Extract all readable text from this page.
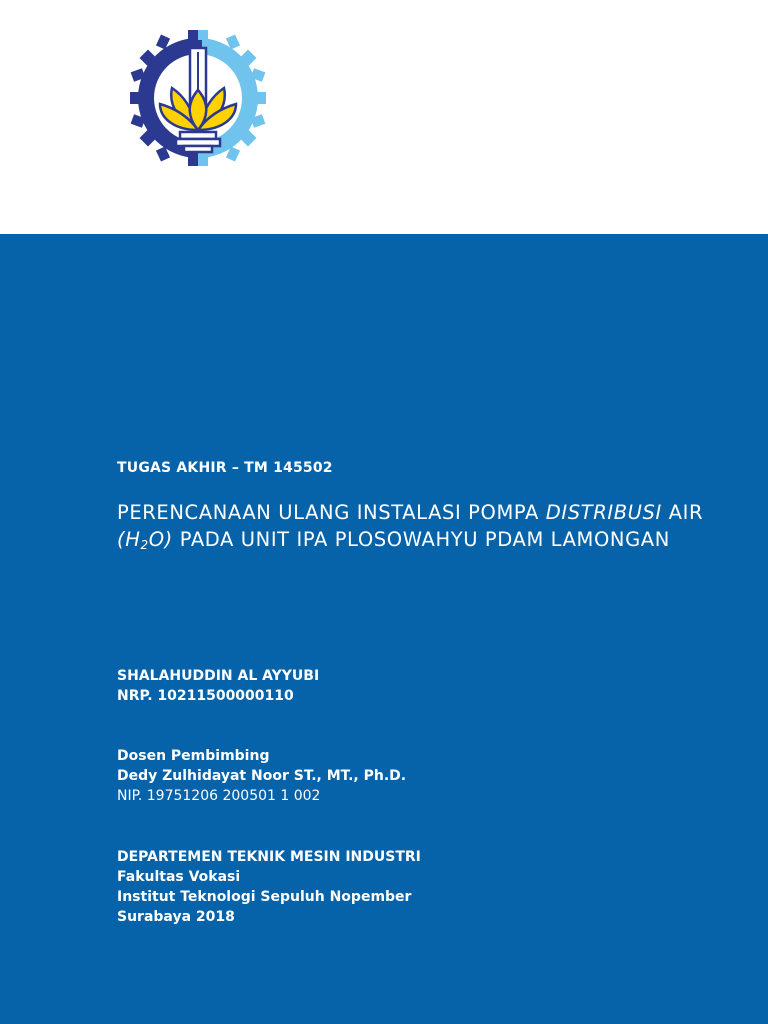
TUGAS AKHIR – TM 145502

PERENCANAAN ULANG INSTALASI POMPA DISTRIBUSI AIR $(H_2O)$ PADA UNIT IPA PLOSOWAHYU PDAM LAMONGAN
SHALAHUDDIN AL AYYUBI
NRP. 10211500000110
Dosen Pembimbing
Dedy Zulhidayat Noor ST., MT., Ph.D.
NIP. 19751206 200501 1 002
DEPARTEMEN TEKNIK MESIN INDUSTRI
Fakultas Vokasi
Institut Teknologi Sepuluh Nopember
Surabaya 2018
